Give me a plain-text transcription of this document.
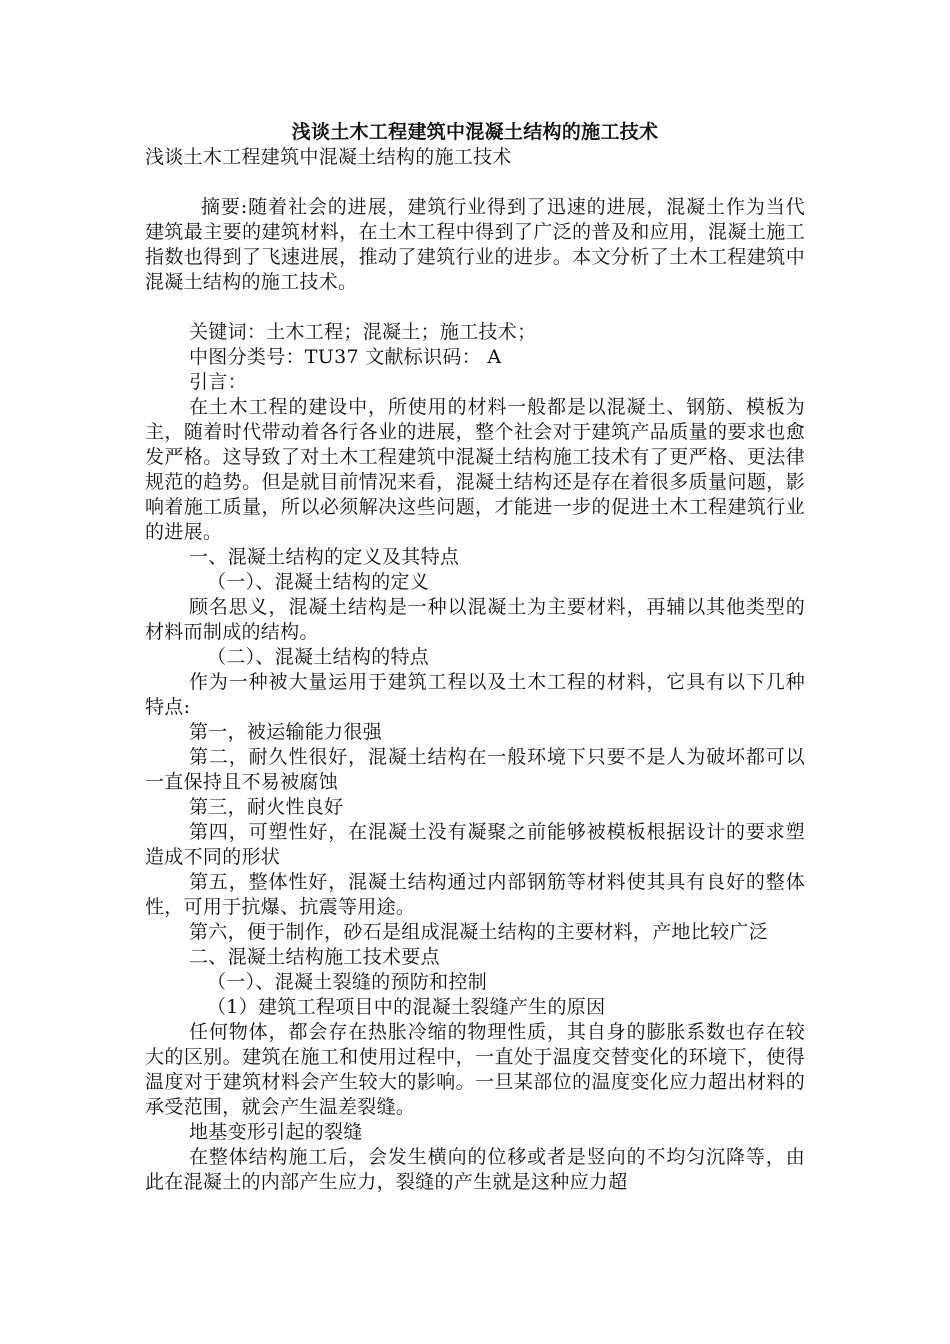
浅谈土木工程建筑中混凝土结构的施工技术

浅谈土木工程建筑中混凝土结构的施工技术

摘要:随着社会的进展，建筑行业得到了迅速的进展，混凝土作为当代建筑最主要的建筑材料，在土木工程中得到了广泛的普及和应用，混凝土施工指数也得到了飞速进展，推动了建筑行业的进步。本文分析了土木工程建筑中混凝土结构的施工技术。

关键词：土木工程；混凝土；施工技术；

中图分类号：TU37 文献标识码： A

引言：

在土木工程的建设中，所使用的材料一般都是以混凝土、钢筋、模板为主，随着时代带动着各行各业的进展，整个社会对于建筑产品质量的要求也愈发严格。这导致了对土木工程建筑中混凝土结构施工技术有了更严格、更法律规范的趋势。但是就目前情况来看，混凝土结构还是存在着很多质量问题，影响着施工质量，所以必须解决这些问题，才能进一步的促进土木工程建筑行业的进展。

一、混凝土结构的定义及其特点

（一）、混凝土结构的定义

顾名思义，混凝土结构是一种以混凝土为主要材料，再辅以其他类型的材料而制成的结构。

（二）、混凝土结构的特点

作为一种被大量运用于建筑工程以及土木工程的材料，它具有以下几种特点:

第一，被运输能力很强

第二，耐久性很好，混凝土结构在一般环境下只要不是人为破坏都可以一直保持且不易被腐蚀

第三，耐火性良好

第四，可塑性好，在混凝土没有凝聚之前能够被模板根据设计的要求塑造成不同的形状

第五，整体性好，混凝土结构通过内部钢筋等材料使其具有良好的整体性，可用于抗爆、抗震等用途。

第六，便于制作，砂石是组成混凝土结构的主要材料，产地比较广泛

二、混凝土结构施工技术要点

（一）、混凝土裂缝的预防和控制

（1）建筑工程项目中的混凝土裂缝产生的原因

任何物体，都会存在热胀冷缩的物理性质，其自身的膨胀系数也存在较大的区别。建筑在施工和使用过程中，一直处于温度交替变化的环境下，使得温度对于建筑材料会产生较大的影响。一旦某部位的温度变化应力超出材料的承受范围，就会产生温差裂缝。

地基变形引起的裂缝

在整体结构施工后，会发生横向的位移或者是竖向的不均匀沉降等，由此在混凝土的内部产生应力，裂缝的产生就是这种应力超
